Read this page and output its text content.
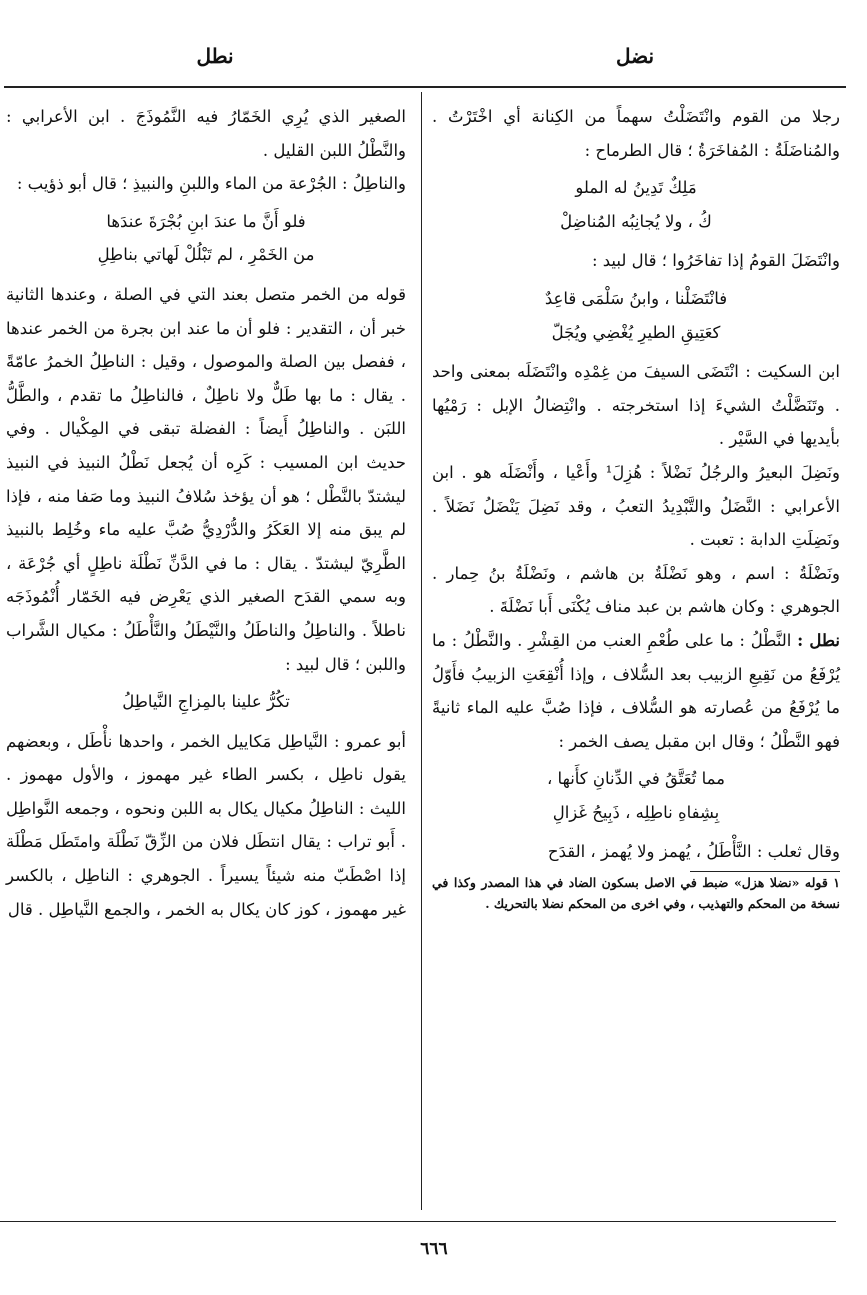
نضل
نطل

رجلا من القوم وانْتَضَلْتُ سهماً من الكِنانة أي اخْتَرْتُ . والمُناضَلَةُ : المُفاخَرَةُ ؛ قال الطرماح :

مَلِكٌ تَدِينُ له الملو

كُ ، ولا يُجانِبُه المُناضِلْ

وانْتَضَلَ القومُ إذا تفاخَرُوا ؛ قال لبيد :

فانْتَضَلْنا ، وابنُ سَلْمَى قاعِدٌ

كعَتِيقِ الطيرِ يُغْضِي ويُجَلّ

ابن السكيت : انْتَضَى السيفَ من غِمْدِه وانْتَضَلَه بمعنى واحد . وتَنَضَّلْتُ الشيءَ إذا استخرجته . وانْتِضالُ الإبل : رَمْيُها بأيديها في السَّيْر .

ونَضِلَ البعيرُ والرجُلُ نَضْلاً : هُزِلَ¹ وأَعْيا ، وأَنْضَلَه هو . ابن الأعرابي : النَّضَلُ والتَّبْدِيدُ التعبُ ، وقد نَضِلَ يَنْضَلُ نَضَلاً . ونَضِلَتِ الدابة : تعبت .

ونَضْلَةُ : اسم ، وهو نَضْلَةُ بن هاشم ، ونَضْلَةُ بنُ حِمار . الجوهري : وكان هاشم بن عبد مناف يُكْنَى أَبا نَضْلَةَ .

نطل : النَّطْلُ : ما على طُعْمِ العنب من القِشْرِ . والنَّطْلُ : ما يُرْفَعُ من نَقِيعِ الزبيب بعد السُّلاف ، وإذا أُنْقِعَتِ الزبيبُ فأَوّلُ ما يُرْفَعُ من عُصارته هو السُّلاف ، فإذا صُبَّ عليه الماء ثانيةً فهو النَّطْلُ ؛ وقال ابن مقبل يصف الخمر :

مما تُعَتَّقُ في الدِّنانِ كأَنها ،

بِشِفاهِ ناطِلِه ، ذَبِيحُ غَزالِ

وقال ثعلب : النَّأْطَلُ ، يُهمز ولا يُهمز ، القدَح

١ قوله «نضلا هزل» ضبط في الاصل بسكون الضاد في هذا المصدر وكذا في نسخة من المحكم والتهذيب ، وفي اخرى من المحكم نضلا بالتحريك .

الصغير الذي يُرِي الخَمّارُ فيه النَّمُوذَجَ . ابن الأعرابي : والنَّطْلُ اللبن القليل .

والناطِلُ : الجُرْعة من الماء واللبنِ والنبيذِ ؛ قال أبو ذؤيب :

فلو أَنَّ ما عندَ ابنِ بُجْرَةَ عندَها

من الخَمْرِ ، لم تَبْلُلْ لَهاتي بناطِلِ

قوله من الخمر متصل بعند التي في الصلة ، وعندها الثانية خبر أن ، التقدير : فلو أن ما عند ابن بجرة من الخمر عندها ، ففصل بين الصلة والموصول ، وقيل : الناطِلُ الخمرُ عامّةً . يقال : ما بها طَلٌّ ولا ناطِلٌ ، فالناطِلُ ما تقدم ، والطَّلُّ اللبَن . والناطِلُ أَيضاً : الفضلة تبقى في المِكْيال . وفي حديث ابن المسيب : كَرِه أن يُجعل نَطْلُ النبيذ في النبيذ ليشتدّ بالنَّطْل ؛ هو أن يؤخذ سُلافُ النبيذ وما صَفا منه ، فإذا لم يبق منه إلا العَكَرُ والدُّرْدِيُّ صُبَّ عليه ماء وخُلِط بالنبيذ الطَّرِيّ ليشتدّ . يقال : ما في الدَّنِّ نَطْلَة ناطِلٍ أي جُرْعَة ، وبه سمي القدَح الصغير الذي يَعْرِض فيه الخَمّار أُنْمُوذَجَه ناطلاً . والناطِلُ والناطَلُ والنَّيْطَلُ والنَّأْطَلُ : مكيال الشَّراب واللبن ؛ قال لبيد :

تكُرُّ علينا بالمِزاجِ النَّياطِلُ

أبو عمرو : النَّياطِل مَكاييل الخمر ، واحدها نأْطَل ، وبعضهم يقول ناطِل ، بكسر الطاء غير مهموز ، والأول مهموز . الليث : الناطِلُ مكيال يكال به اللبن ونحوه ، وجمعه النَّواطِل . أَبو تراب : يقال انتطَل فلان من الزِّقّ نَطْلَة وامتَطَل مَطْلَة إذا اصْطَبّ منه شيئاً يسيراً . الجوهري : الناطِل ، بالكسر غير مهموز ، كوز كان يكال به الخمر ، والجمع النَّياطِل . قال

٦٦٦
